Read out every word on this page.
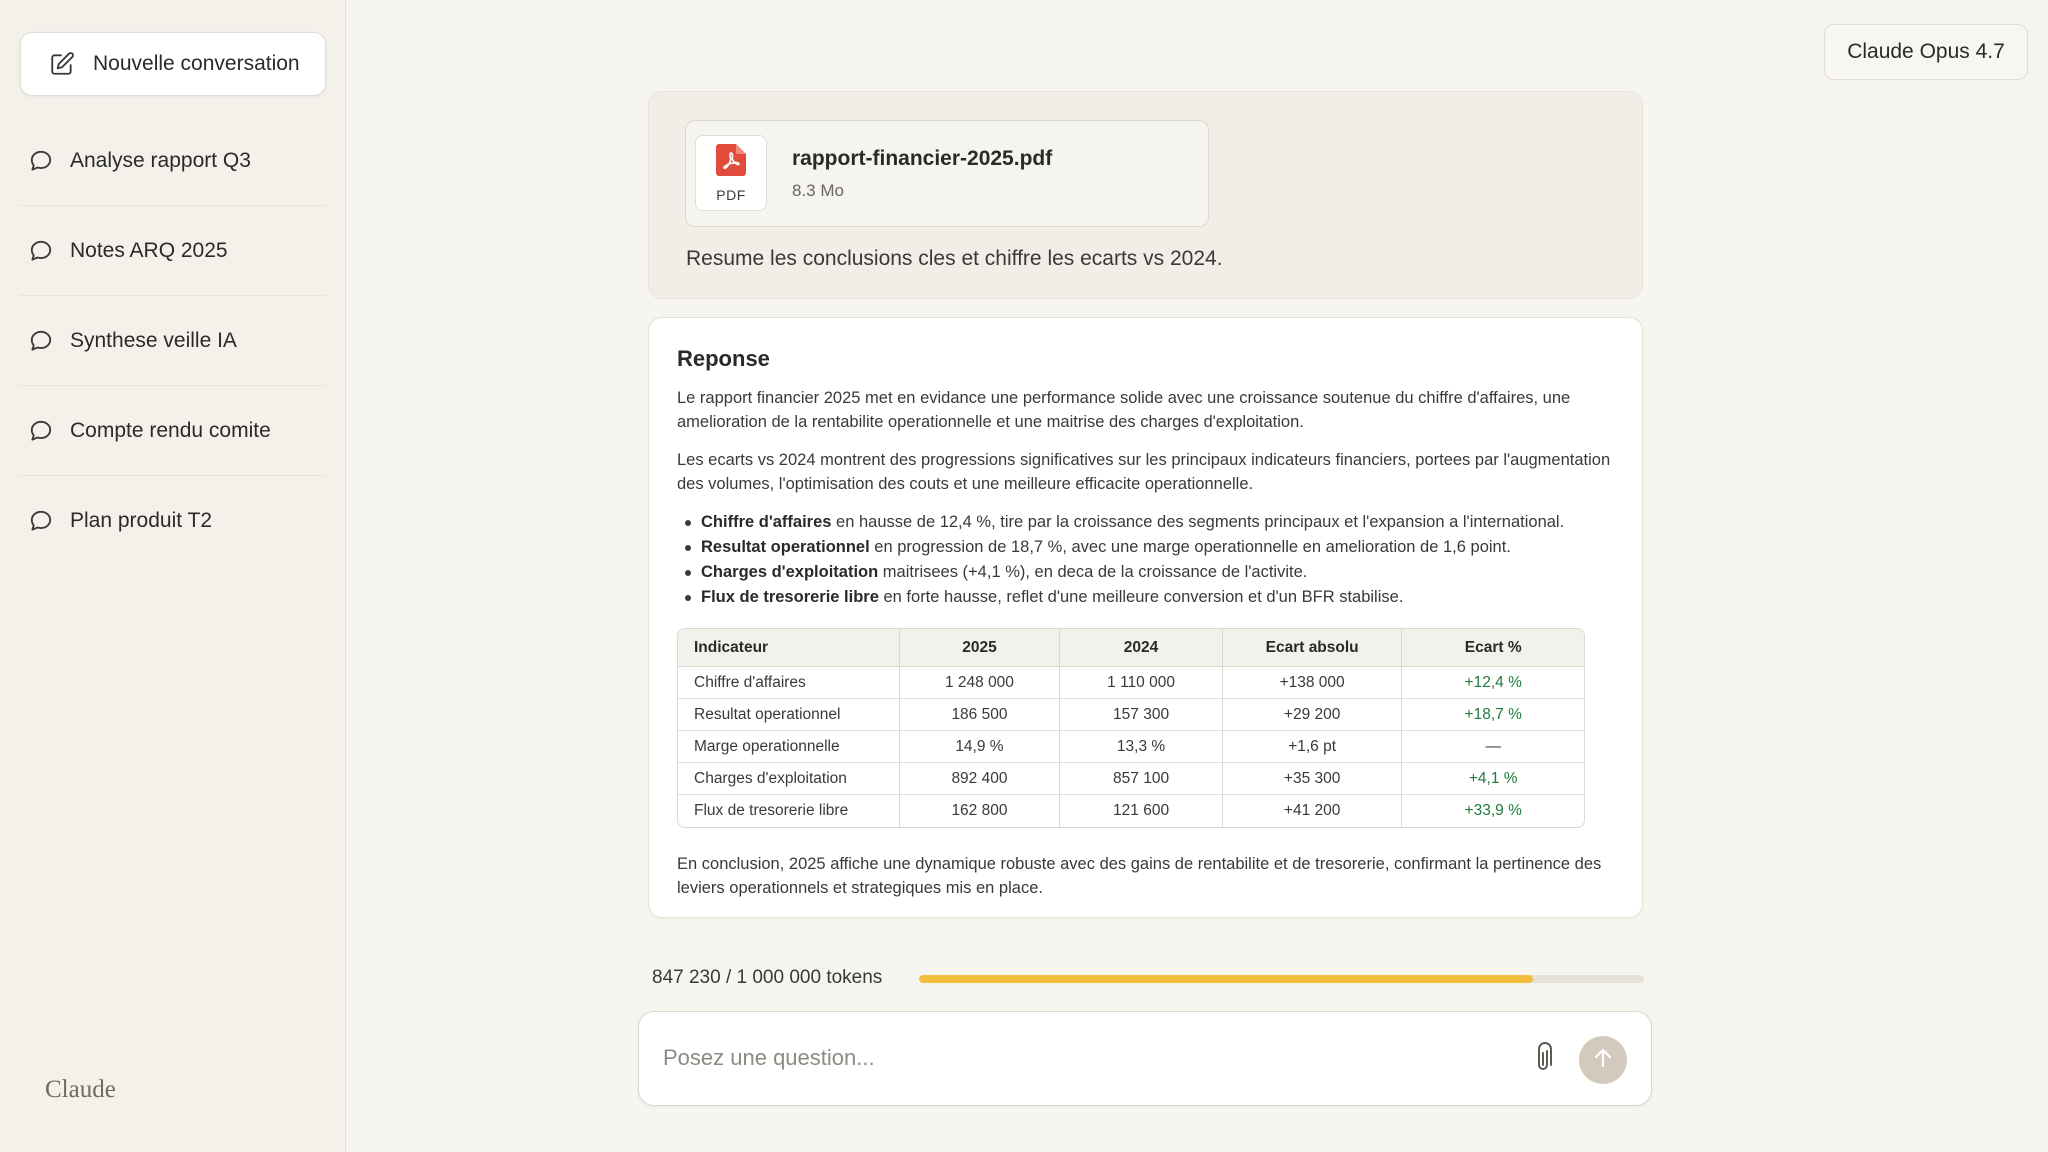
Nouvelle conversation
Analyse rapport Q3
Notes ARQ 2025
Synthese veille IA
Compte rendu comite
Plan produit T2
Claude
Claude Opus 4.7
PDF
rapport-financier-2025.pdf
8.3 Mo
Resume les conclusions cles et chiffre les ecarts vs 2024.
Reponse

Le rapport financier 2025 met en evidance une performance solide avec une croissance soutenue du chiffre d'affaires, une amelioration de la rentabilite operationnelle et une maitrise des charges d'exploitation.

Les ecarts vs 2024 montrent des progressions significatives sur les principaux indicateurs financiers, portees par l'augmentation des volumes, l'optimisation des couts et une meilleure efficacite operationnelle.

Chiffre d'affaires en hausse de 12,4 %, tire par la croissance des segments principaux et l'expansion a l'international.
Resultat operationnel en progression de 18,7 %, avec une marge operationnelle en amelioration de 1,6 point.
Charges d'exploitation maitrisees (+4,1 %), en deca de la croissance de l'activite.
Flux de tresorerie libre en forte hausse, reflet d'une meilleure conversion et d'un BFR stabilise.
Indicateur	2025	2024	Ecart absolu	Ecart %
Chiffre d'affaires	1 248 000	1 110 000	+138 000	+12,4 %
Resultat operationnel	186 500	157 300	+29 200	+18,7 %
Marge operationnelle	14,9 %	13,3 %	+1,6 pt	—
Charges d'exploitation	892 400	857 100	+35 300	+4,1 %
Flux de tresorerie libre	162 800	121 600	+41 200	+33,9 %

En conclusion, 2025 affiche une dynamique robuste avec des gains de rentabilite et de tresorerie, confirmant la pertinence des leviers operationnels et strategiques mis en place.

847 230 / 1 000 000 tokens
Posez une question...
